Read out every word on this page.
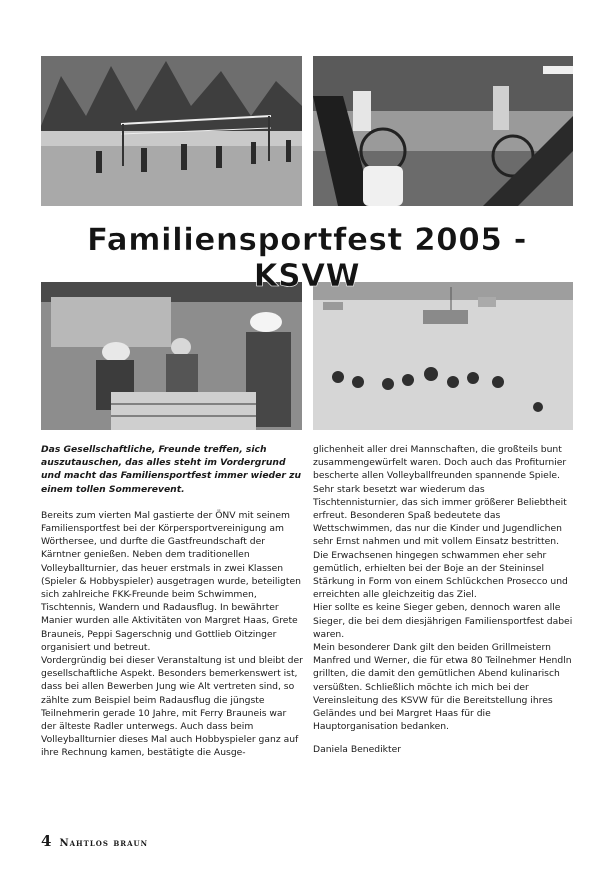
Familiensportfest 2005 - KSVW

Das Gesellschaftliche, Freunde treffen, sich auszutauschen, das alles steht im Vordergrund und macht das Familiensportfest immer wieder zu einem tollen Sommerevent.

Bereits zum vierten Mal gastierte der ÖNV mit seinem Familiensportfest bei der Körpersportvereinigung am Wörthersee, und durfte die Gastfreundschaft der Kärntner genießen. Neben dem traditionellen Volleyballturnier, das heuer erstmals in zwei Klassen (Spieler & Hobbyspieler) ausgetragen wurde, beteiligten sich zahlreiche FKK-Freunde beim Schwimmen, Tischtennis, Wandern und Radausflug. In bewährter Manier wurden alle Aktivitäten von Margret Haas, Grete Brauneis, Peppi Sagerschnig und Gottlieb Oitzinger organisiert und betreut.
Vordergründig bei dieser Veranstaltung ist und bleibt der gesellschaftliche Aspekt. Besonders bemerkenswert ist, dass bei allen Bewerben Jung wie Alt vertreten sind, so zählte zum Beispiel beim Radausflug die jüngste Teilnehmerin gerade 10 Jahre, mit Ferry Brauneis war der älteste Radler unterwegs. Auch dass beim Volleyballturnier dieses Mal auch Hobbyspieler ganz auf ihre Rechnung kamen, bestätigte die Ausge-

glichenheit aller drei Mannschaften, die großteils bunt zusammengewürfelt waren. Doch auch das Profiturnier bescherte allen Volleyballfreunden spannende Spiele. Sehr stark besetzt war wiederum das Tischtennisturnier, das sich immer größerer Beliebtheit erfreut. Besonderen Spaß bedeutete das Wettschwimmen, das nur die Kinder und Jugendlichen sehr Ernst nahmen und mit vollem Einsatz bestritten. Die Erwachsenen hingegen schwammen eher sehr gemütlich, erhielten bei der Boje an der Steininsel Stärkung in Form von einem Schlückchen Prosecco und erreichten alle gleichzeitig das Ziel.
Hier sollte es keine Sieger geben, dennoch waren alle Sieger, die bei dem diesjährigen Familiensportfest dabei waren.
Mein besonderer Dank gilt den beiden Grillmeistern Manfred und Werner, die für etwa 80 Teilnehmer Hendln grillten, die damit den gemütlichen Abend kulinarisch versüßten. Schließlich möchte ich mich bei der Vereinsleitung des KSVW für die Bereitstellung ihres Geländes und bei Margret Haas für die Hauptorganisation bedanken.

Daniela Benedikter

4 Nahtlos braun
